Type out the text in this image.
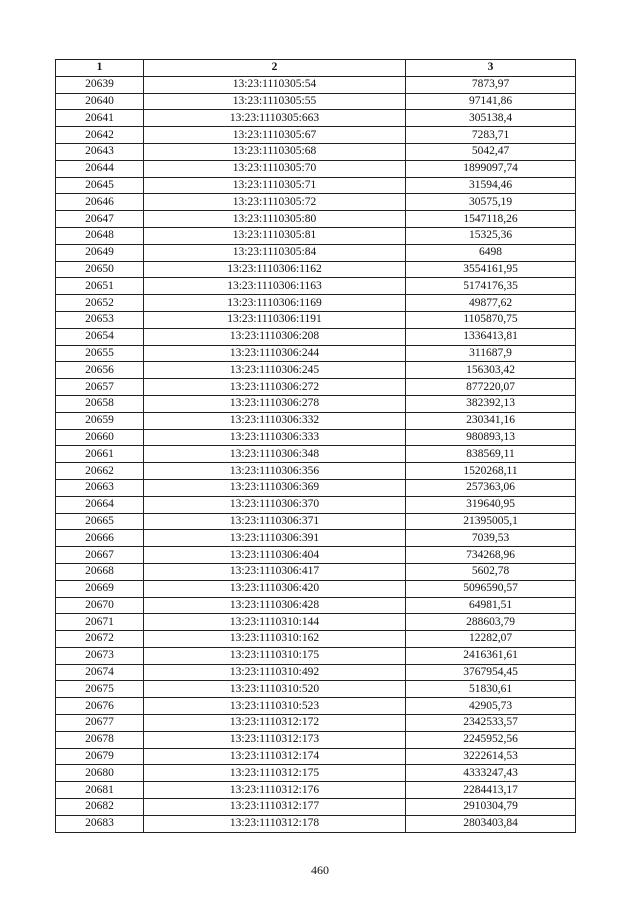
1	2	3
20639	13:23:1110305:54	7873,97
20640	13:23:1110305:55	97141,86
20641	13:23:1110305:663	305138,4
20642	13:23:1110305:67	7283,71
20643	13:23:1110305:68	5042,47
20644	13:23:1110305:70	1899097,74
20645	13:23:1110305:71	31594,46
20646	13:23:1110305:72	30575,19
20647	13:23:1110305:80	1547118,26
20648	13:23:1110305:81	15325,36
20649	13:23:1110305:84	6498
20650	13:23:1110306:1162	3554161,95
20651	13:23:1110306:1163	5174176,35
20652	13:23:1110306:1169	49877,62
20653	13:23:1110306:1191	1105870,75
20654	13:23:1110306:208	1336413,81
20655	13:23:1110306:244	311687,9
20656	13:23:1110306:245	156303,42
20657	13:23:1110306:272	877220,07
20658	13:23:1110306:278	382392,13
20659	13:23:1110306:332	230341,16
20660	13:23:1110306:333	980893,13
20661	13:23:1110306:348	838569,11
20662	13:23:1110306:356	1520268,11
20663	13:23:1110306:369	257363,06
20664	13:23:1110306:370	319640,95
20665	13:23:1110306:371	21395005,1
20666	13:23:1110306:391	7039,53
20667	13:23:1110306:404	734268,96
20668	13:23:1110306:417	5602,78
20669	13:23:1110306:420	5096590,57
20670	13:23:1110306:428	64981,51
20671	13:23:1110310:144	288603,79
20672	13:23:1110310:162	12282,07
20673	13:23:1110310:175	2416361,61
20674	13:23:1110310:492	3767954,45
20675	13:23:1110310:520	51830,61
20676	13:23:1110310:523	42905,73
20677	13:23:1110312:172	2342533,57
20678	13:23:1110312:173	2245952,56
20679	13:23:1110312:174	3222614,53
20680	13:23:1110312:175	4333247,43
20681	13:23:1110312:176	2284413,17
20682	13:23:1110312:177	2910304,79
20683	13:23:1110312:178	2803403,84
460
